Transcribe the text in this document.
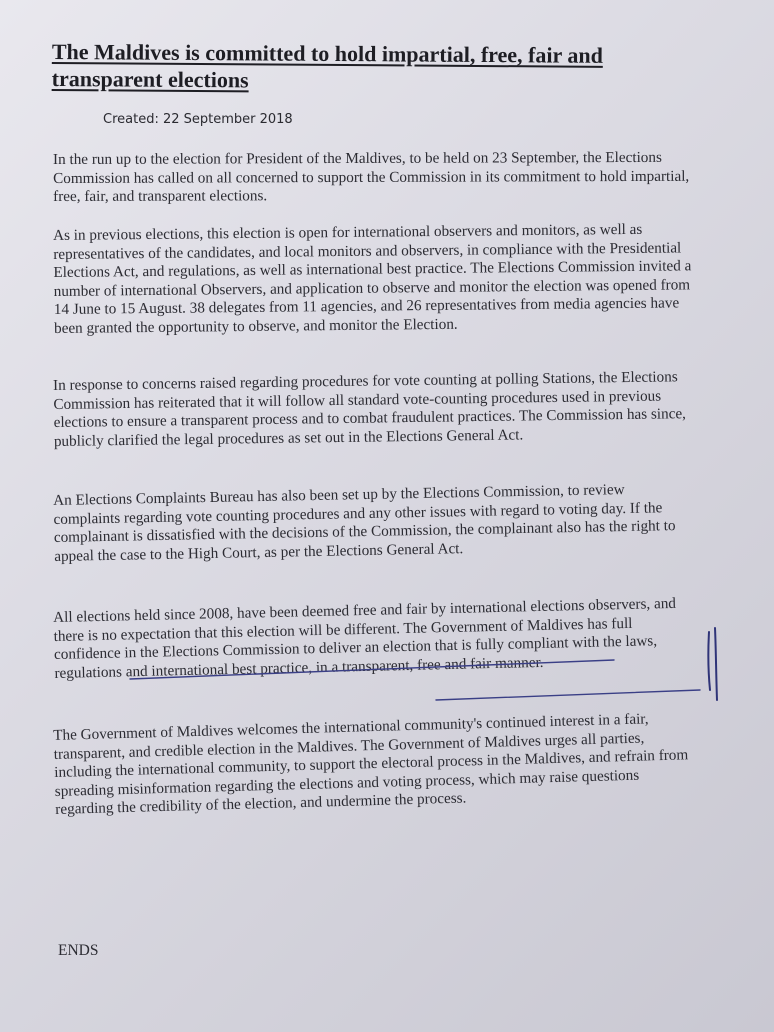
The Maldives is committed to hold impartial, free, fair and transparent elections
Created: 22 September 2018
In the run up to the election for President of the Maldives, to be held on 23 September, the Elections Commission has called on all concerned to support the Commission in its commitment to hold impartial, free, fair, and transparent elections.
As in previous elections, this election is open for international observers and monitors, as well as representatives of the candidates, and local monitors and observers, in compliance with the Presidential Elections Act, and regulations, as well as international best practice. The Elections Commission invited a number of international Observers, and application to observe and monitor the election was opened from 14 June to 15 August. 38 delegates from 11 agencies, and 26 representatives from media agencies have been granted the opportunity to observe, and monitor the Election.
In response to concerns raised regarding procedures for vote counting at polling Stations, the Elections Commission has reiterated that it will follow all standard vote-counting procedures used in previous elections to ensure a transparent process and to combat fraudulent practices. The Commission has since, publicly clarified the legal procedures as set out in the Elections General Act.
An Elections Complaints Bureau has also been set up by the Elections Commission, to review complaints regarding vote counting procedures and any other issues with regard to voting day. If the complainant is dissatisfied with the decisions of the Commission, the complainant also has the right to appeal the case to the High Court, as per the Elections General Act.
All elections held since 2008, have been deemed free and fair by international elections observers, and there is no expectation that this election will be different. The Government of Maldives has full confidence in the Elections Commission to deliver an election that is fully compliant with the laws, regulations and international best practice, in a transparent, free and fair manner.
The Government of Maldives welcomes the international community's continued interest in a fair, transparent, and credible election in the Maldives. The Government of Maldives urges all parties, including the international community, to support the electoral process in the Maldives, and refrain from spreading misinformation regarding the elections and voting process, which may raise questions regarding the credibility of the election, and undermine the process.
ENDS
